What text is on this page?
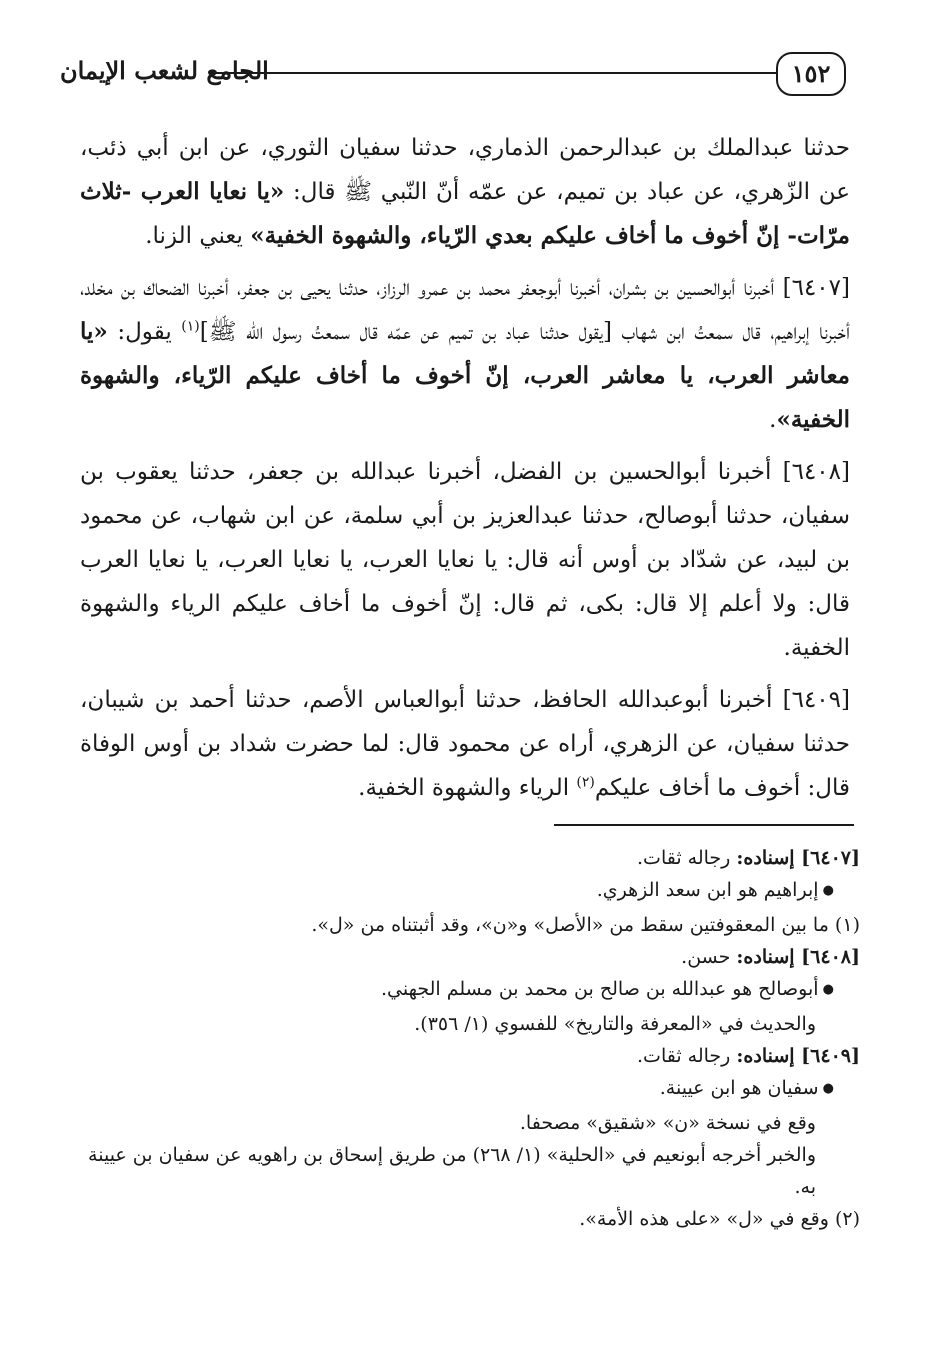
١٥٢
الجامع لشعب الإيمان

حدثنا عبدالملك بن عبدالرحمن الذماري، حدثنا سفيان الثوري، عن ابن أبي ذئب، عن الزّهري، عن عباد بن تميم، عن عمّه أنّ النّبي ﷺ قال: «يا نعايا العرب -ثلاث مرّات- إنّ أخوف ما أخاف عليكم بعدي الرّياء، والشهوة الخفية» يعني الزنا.

[٦٤٠٧] أخبرنا أبوالحسين بن بشران، أخبرنا أبوجعفر محمد بن عمرو الرزاز، حدثنا يحيى بن جعفر، أخبرنا الضحاك بن مخلد، أخبرنا إبراهيم، قال سمعتُ ابن شهاب [يقول حدثنا عباد بن تميم عن عمّه قال سمعتُ رسول الله ﷺ]$^{(١)}$ يقول: «يا معاشر العرب، يا معاشر العرب، إنّ أخوف ما أخاف عليكم الرّياء، والشهوة الخفية».

[٦٤٠٨] أخبرنا أبوالحسين بن الفضل، أخبرنا عبدالله بن جعفر، حدثنا يعقوب بن سفيان، حدثنا أبوصالح، حدثنا عبدالعزيز بن أبي سلمة، عن ابن شهاب، عن محمود بن لبيد، عن شدّاد بن أوس أنه قال: يا نعايا العرب، يا نعايا العرب، يا نعايا العرب قال: ولا أعلم إلا قال: بكى، ثم قال: إنّ أخوف ما أخاف عليكم الرياء والشهوة الخفية.

[٦٤٠٩] أخبرنا أبوعبدالله الحافظ، حدثنا أبوالعباس الأصم، حدثنا أحمد بن شيبان، حدثنا سفيان، عن الزهري، أراه عن محمود قال: لما حضرت شداد بن أوس الوفاة قال: أخوف ما أخاف عليكم$^{(٢)}$ الرياء والشهوة الخفية.

[٦٤٠٧] إسناده: رجاله ثقات.

● إبراهيم هو ابن سعد الزهري.

(١) ما بين المعقوفتين سقط من «الأصل» و«ن»، وقد أثبتناه من «ل».

[٦٤٠٨] إسناده: حسن.

● أبوصالح هو عبدالله بن صالح بن محمد بن مسلم الجهني.

والحديث في «المعرفة والتاريخ» للفسوي (١/ ٣٥٦).

[٦٤٠٩] إسناده: رجاله ثقات.

● سفيان هو ابن عيينة.

وقع في نسخة «ن» «شقيق» مصحفا.

والخبر أخرجه أبونعيم في «الحلية» (١/ ٢٦٨) من طريق إسحاق بن راهويه عن سفيان بن عيينة به.

(٢) وقع في «ل» «على هذه الأمة».
